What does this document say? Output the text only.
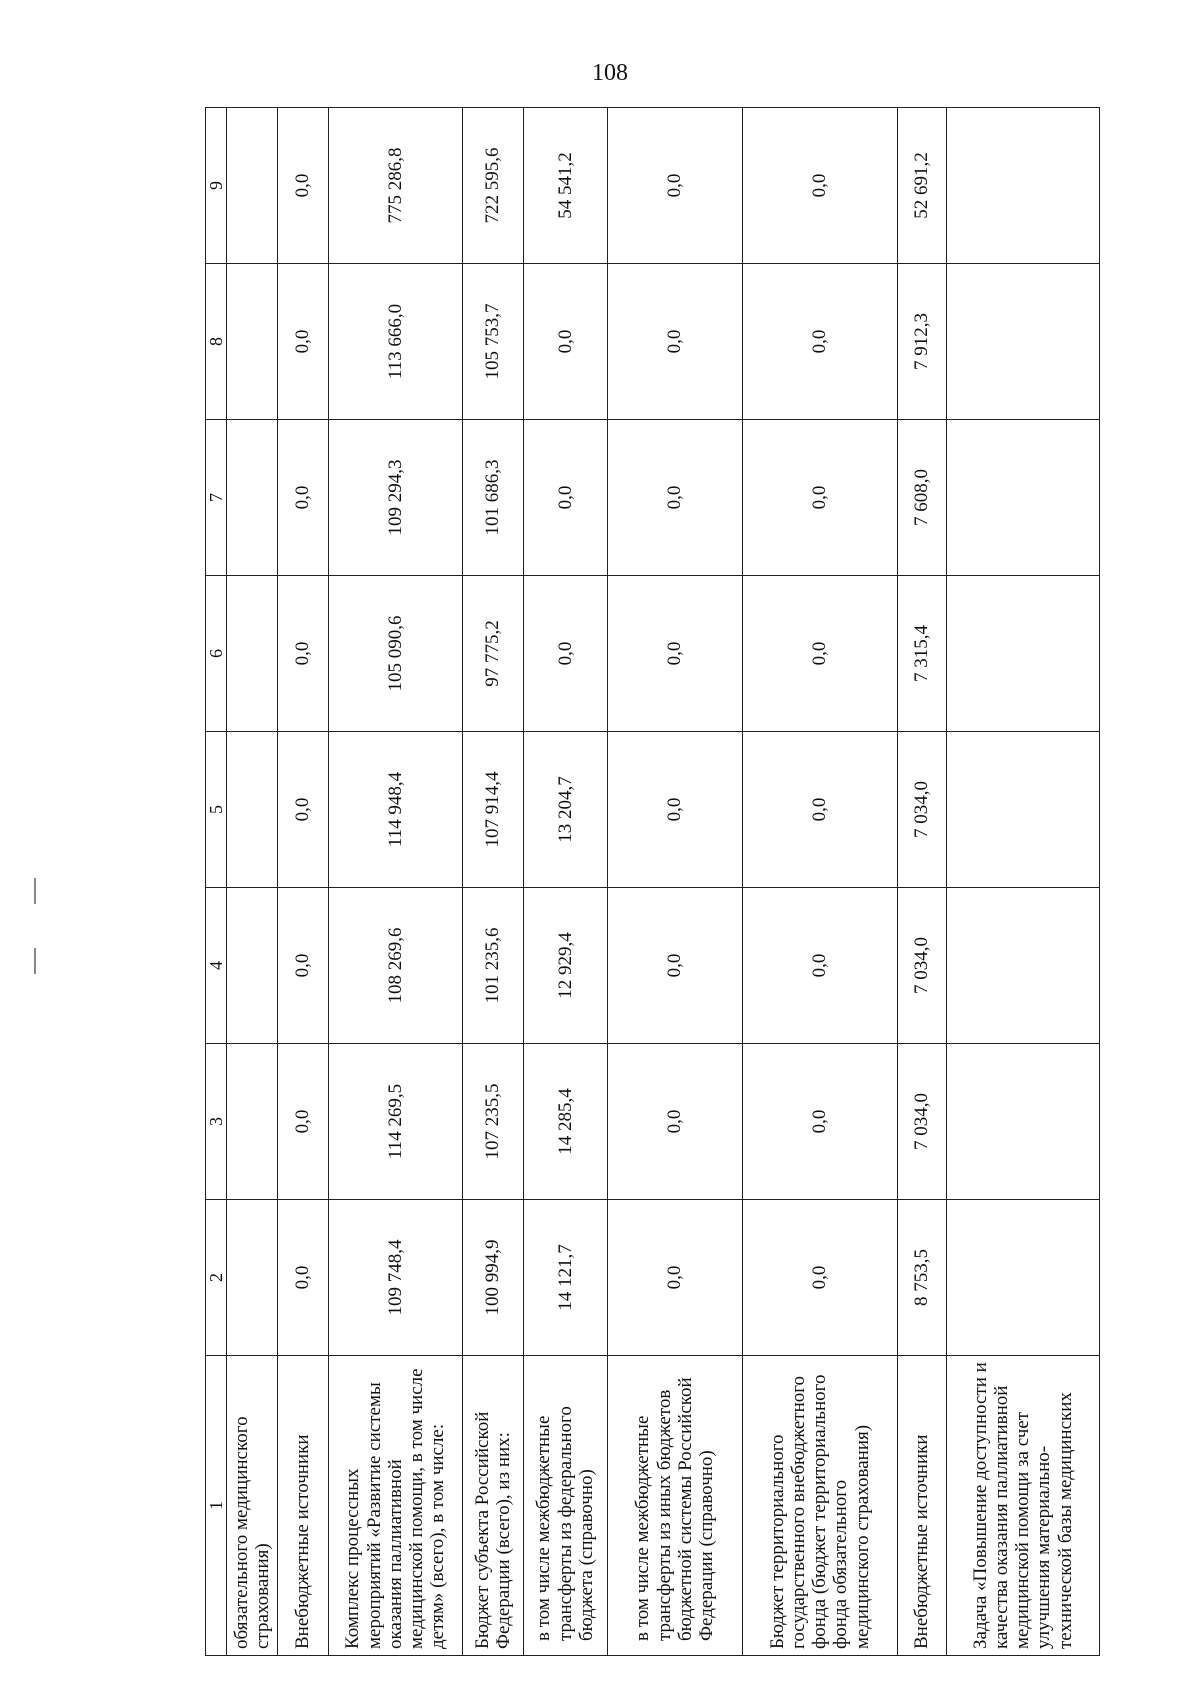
108
1	2	3	4	5	6	7	8	9
обязательного медицинского страхования)								
Внебюджетные источники	0,0	0,0	0,0	0,0	0,0	0,0	0,0	0,0
Комплекс процессных мероприятий «Развитие системы оказания паллиативной медицинской помощи, в том числе детям» (всего), в том числе:	109 748,4	114 269,5	108 269,6	114 948,4	105 090,6	109 294,3	113 666,0	775 286,8
Бюджет субъекта Российской Федерации (всего), из них:	100 994,9	107 235,5	101 235,6	107 914,4	97 775,2	101 686,3	105 753,7	722 595,6
в том числе межбюджетные трансферты из федерального бюджета (справочно)	14 121,7	14 285,4	12 929,4	13 204,7	0,0	0,0	0,0	54 541,2
в том числе межбюджетные трансферты из иных бюджетов бюджетной системы Российской Федерации (справочно)	0,0	0,0	0,0	0,0	0,0	0,0	0,0	0,0
Бюджет территориального государственного внебюджетного фонда (бюджет территориального фонда обязательного медицинского страхования)	0,0	0,0	0,0	0,0	0,0	0,0	0,0	0,0
Внебюджетные источники	8 753,5	7 034,0	7 034,0	7 034,0	7 315,4	7 608,0	7 912,3	52 691,2
Задача «Повышение доступности и качества оказания паллиативной медицинской помощи за счет улучшения материально-технической базы медицинских								
